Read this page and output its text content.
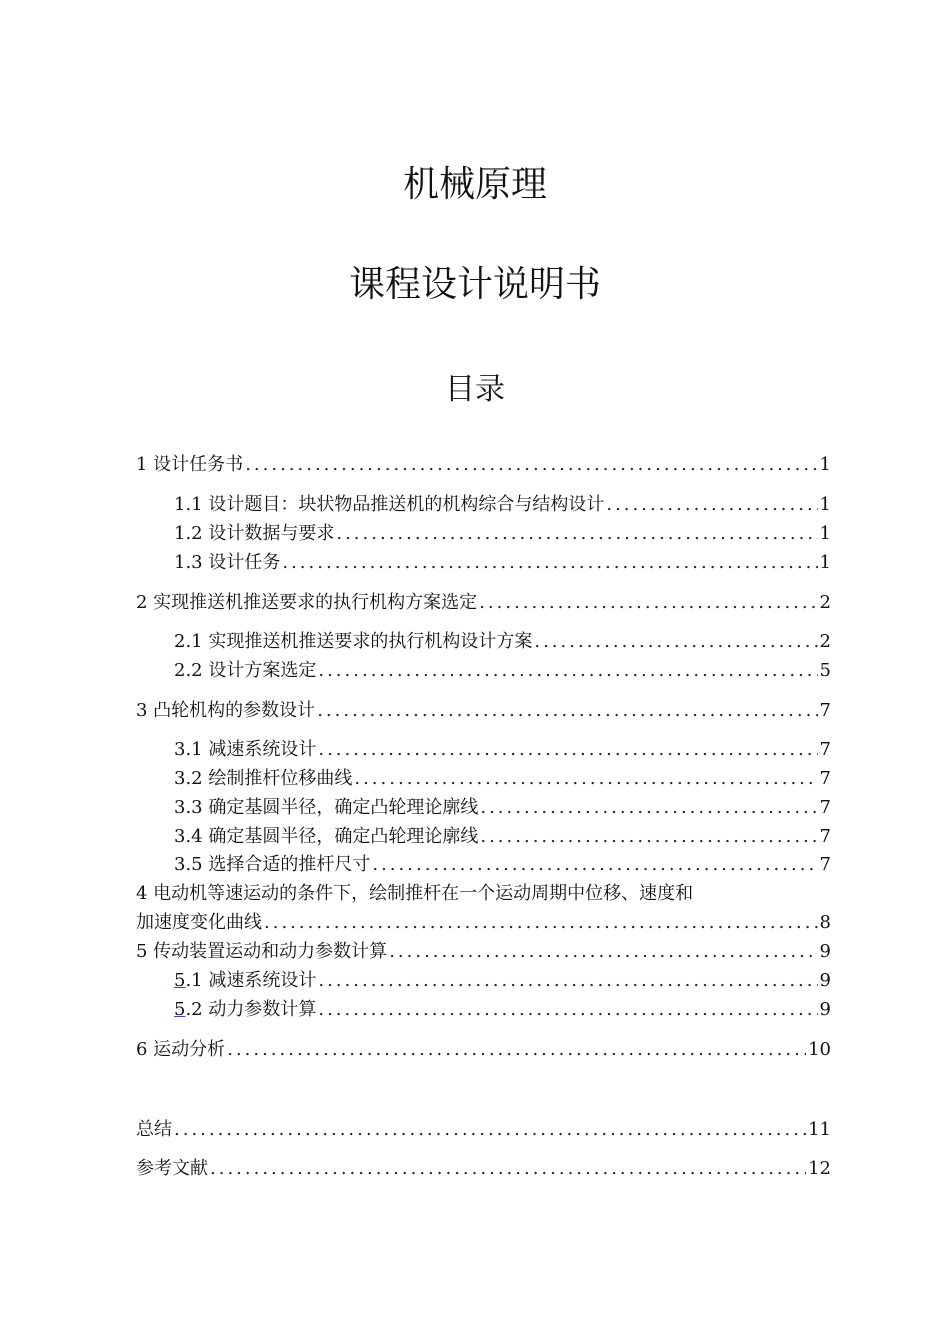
机械原理
课程设计说明书
目录
1 设计任务书 .....	1
1.1 设计题目：块状物品推送机的机构综合与结构设计 .....	1
1.2 设计数据与要求 .....	1
1.3 设计任务 .....	1
2 实现推送机推送要求的执行机构方案选定 .....	2
2.1 实现推送机推送要求的执行机构设计方案 .....	2
2.2 设计方案选定 .....	5
3 凸轮机构的参数设计 .....	7
3.1 减速系统设计 .....	7
3.2 绘制推杆位移曲线 .....	7
3.3 确定基圆半径，确定凸轮理论廓线 .....	7
3.4 确定基圆半径，确定凸轮理论廓线 .....	7
3.5 选择合适的推杆尺寸 .....	7
4 电动机等速运动的条件下，绘制推杆在一个运动周期中位移、速度和
加速度变化曲线 .....	8
5 传动装置运动和动力参数计算 .....	9
5.1 减速系统设计 .....	9
5.2 动力参数计算 .....	9
6 运动分析 .....	10
总结 .....	11
参考文献 .....	12
